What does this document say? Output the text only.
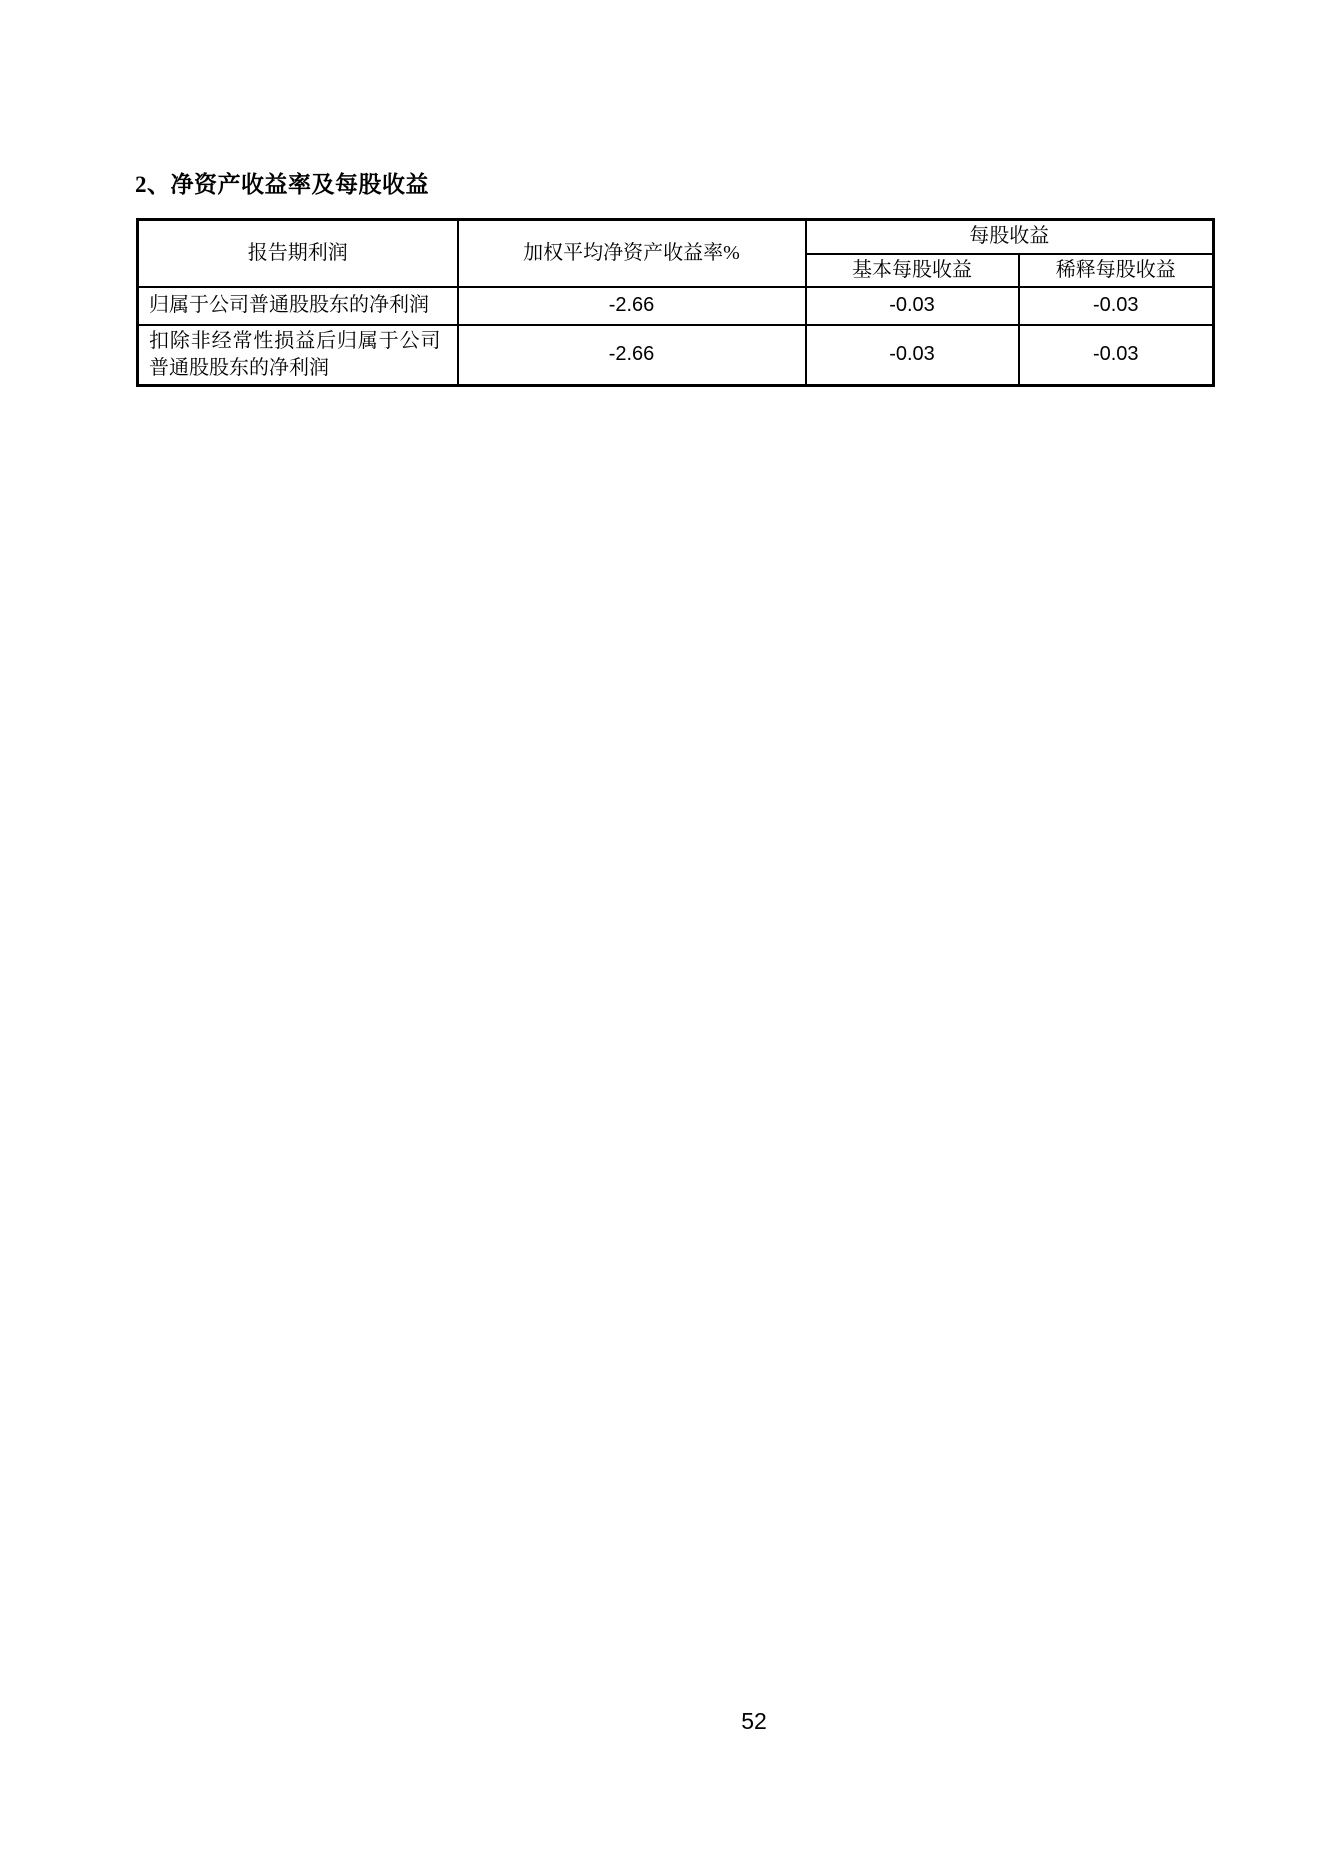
2、净资产收益率及每股收益
报告期利润	加权平均净资产收益率%	每股收益	
		基本每股收益	稀释每股收益
归属于公司普通股股东的净利润	-2.66	-0.03	-0.03
扣除非经常性损益后归属于公司普通股股东的净利润	-2.66	-0.03	-0.03
52
